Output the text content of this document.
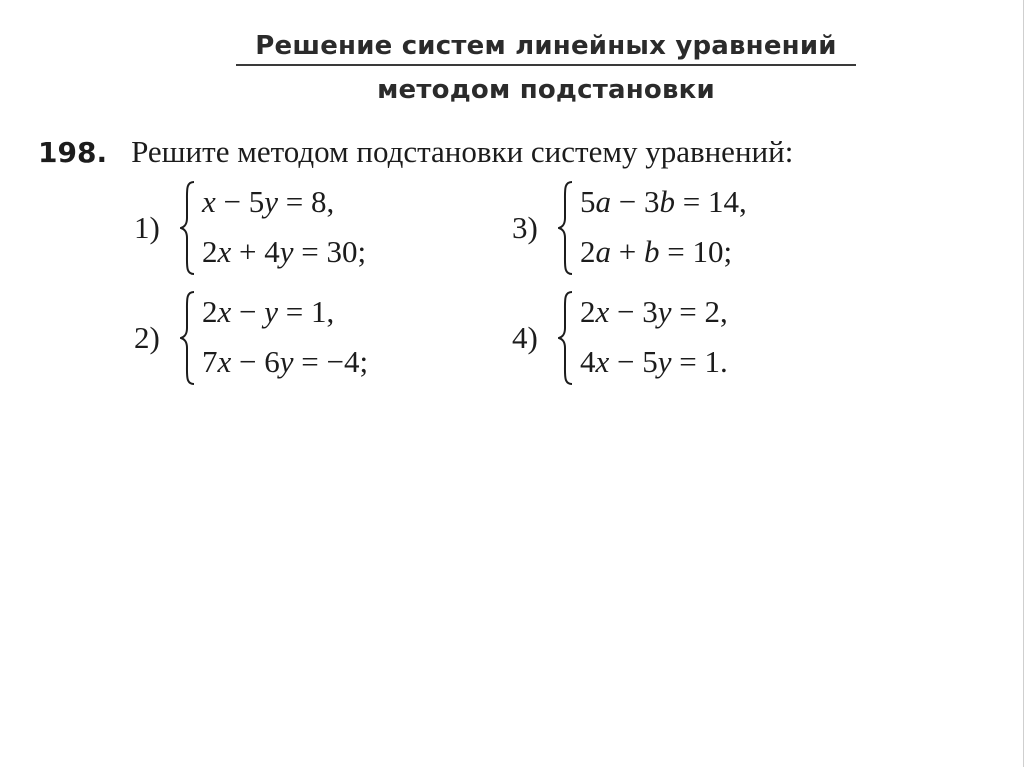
Решение систем линейных уравнений
методом подстановки
198. Решите методом подстановки систему уравнений:
1)
x − 5y = 8,
2x + 4y = 30;
2)
2x − y = 1,
7x − 6y = −4;
3)
5a − 3b = 14,
2a + b = 10;
4)
2x − 3y = 2,
4x − 5y = 1.
